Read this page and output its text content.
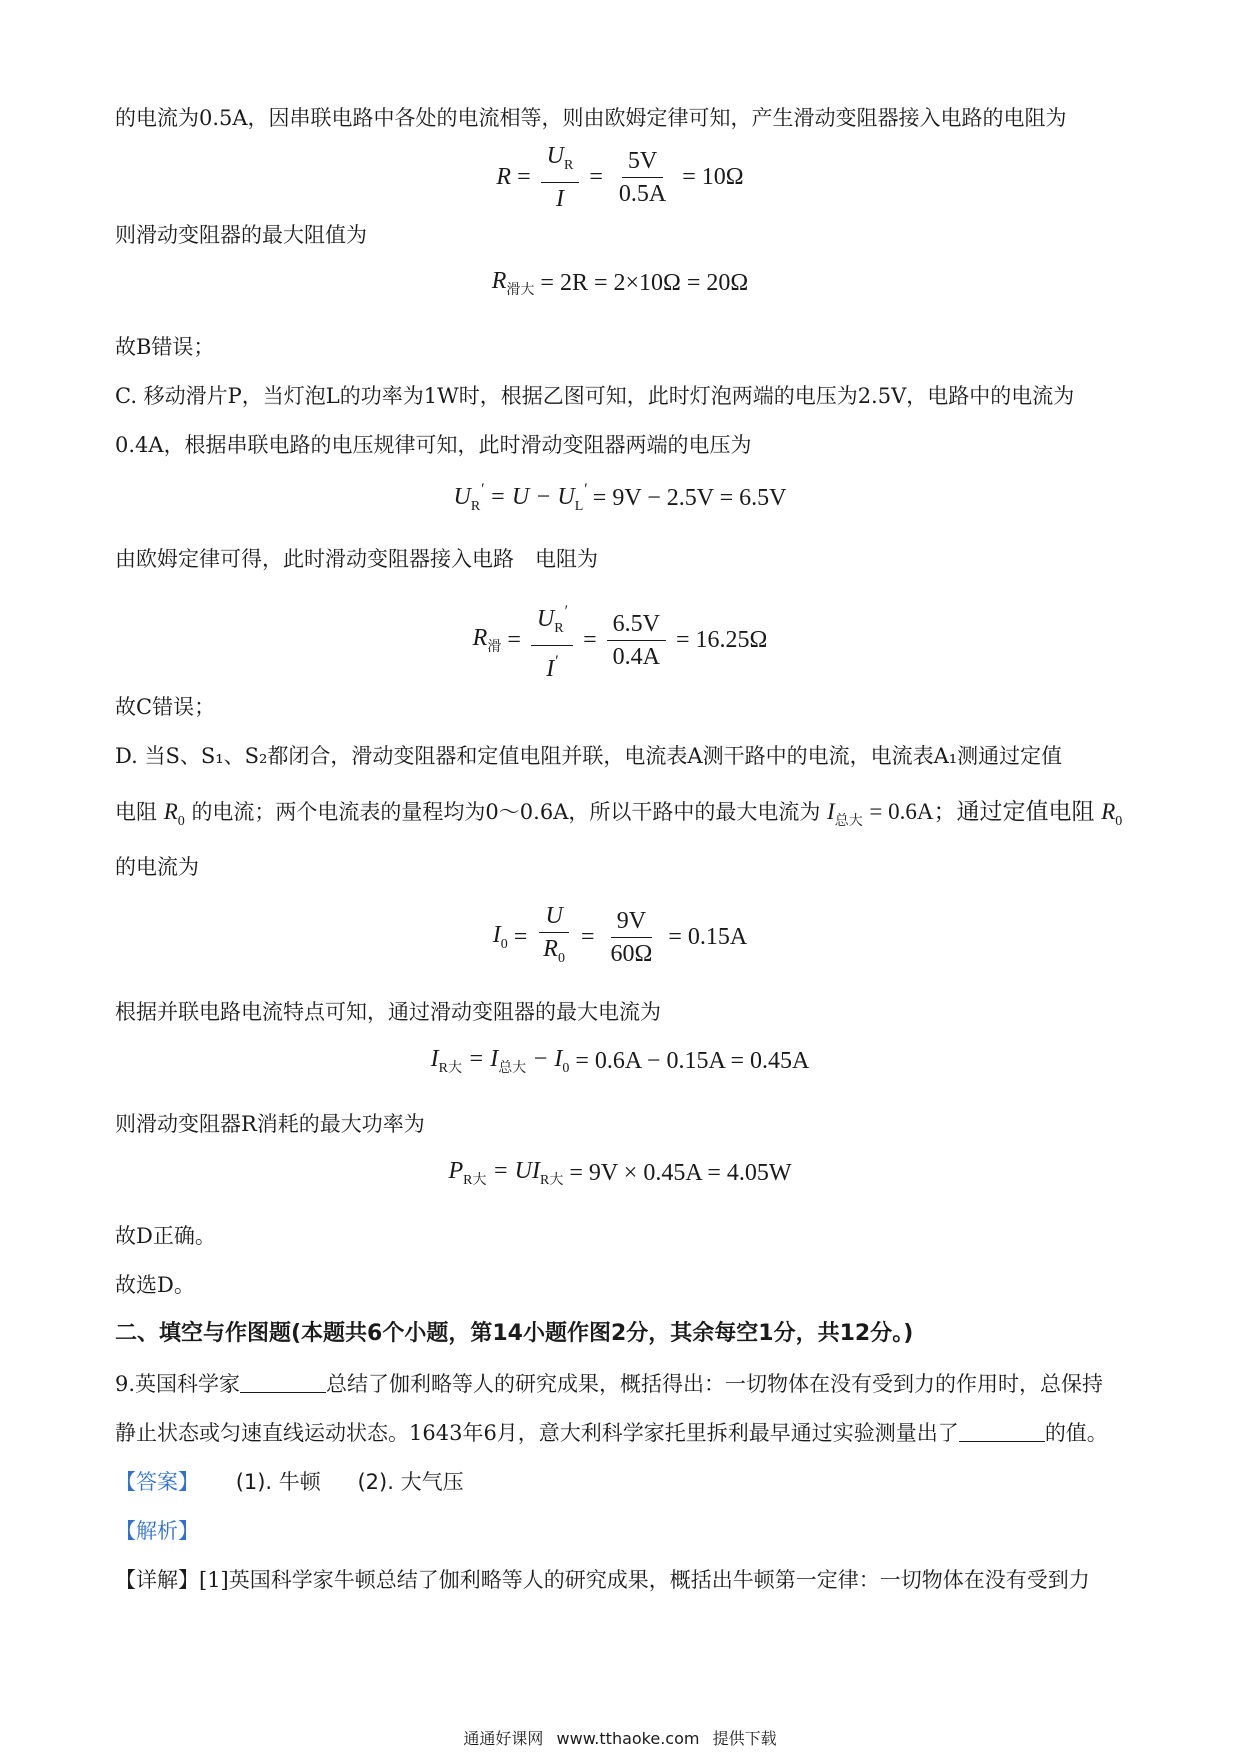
的电流为0.5A，因串联电路中各处的电流相等，则由欧姆定律可知，产生滑动变阻器接入电路的电阻为
$R = \frac{U_R}{I} = \frac{5V}{0.5A} = 10\Omega$
则滑动变阻器的最大阻值为
$R_{滑大} = 2R = 2\times 10\Omega = 20\Omega$
故B错误；
C. 移动滑片P，当灯泡L的功率为1W时，根据乙图可知，此时灯泡两端的电压为2.5V，电路中的电流为
0.4A，根据串联电路的电压规律可知，此时滑动变阻器两端的电压为
$U_R' = U - U_L' = 9V - 2.5V = 6.5V$
由欧姆定律可得，此时滑动变阻器接入电路　电阻为
$R_滑 = \frac{U_R'}{I'} = \frac{6.5V}{0.4A} = 16.25\Omega$
故C错误；
D. 当S、S₁、S₂都闭合，滑动变阻器和定值电阻并联，电流表A测干路中的电流，电流表A₁测通过定值
电阻 $R_0$ 的电流；两个电流表的量程均为0～0.6A，所以干路中的最大电流为 $I_{总大} = 0.6A$；通过定值电阻 $R_0$
的电流为
$I_0 = \frac{U}{R_0} = \frac{9V}{60\Omega} = 0.15A$
根据并联电路电流特点可知，通过滑动变阻器的最大电流为
$I_{R大} = I_{总大} - I_0 = 0.6A - 0.15A = 0.45A$
则滑动变阻器R消耗的最大功率为
$P_{R大} = UI_{R大} = 9V \times 0.45A = 4.05W$
故D正确。
故选D。
二、填空与作图题(本题共6个小题，第14小题作图2分，其余每空1分，共12分。)
9.英国科学家	总结了伽利略等人的研究成果，概括得出：一切物体在没有受到力的作用时，总保持
静止状态或匀速直线运动状态。1643年6月，意大利科学家托里拆利最早通过实验测量出了	的值。
【答案】 (1). 牛顿 (2). 大气压
【解析】
【详解】[1]英国科学家牛顿总结了伽利略等人的研究成果，概括出牛顿第一定律：一切物体在没有受到力
通通好课网 www.tthaoke.com 提供下载
